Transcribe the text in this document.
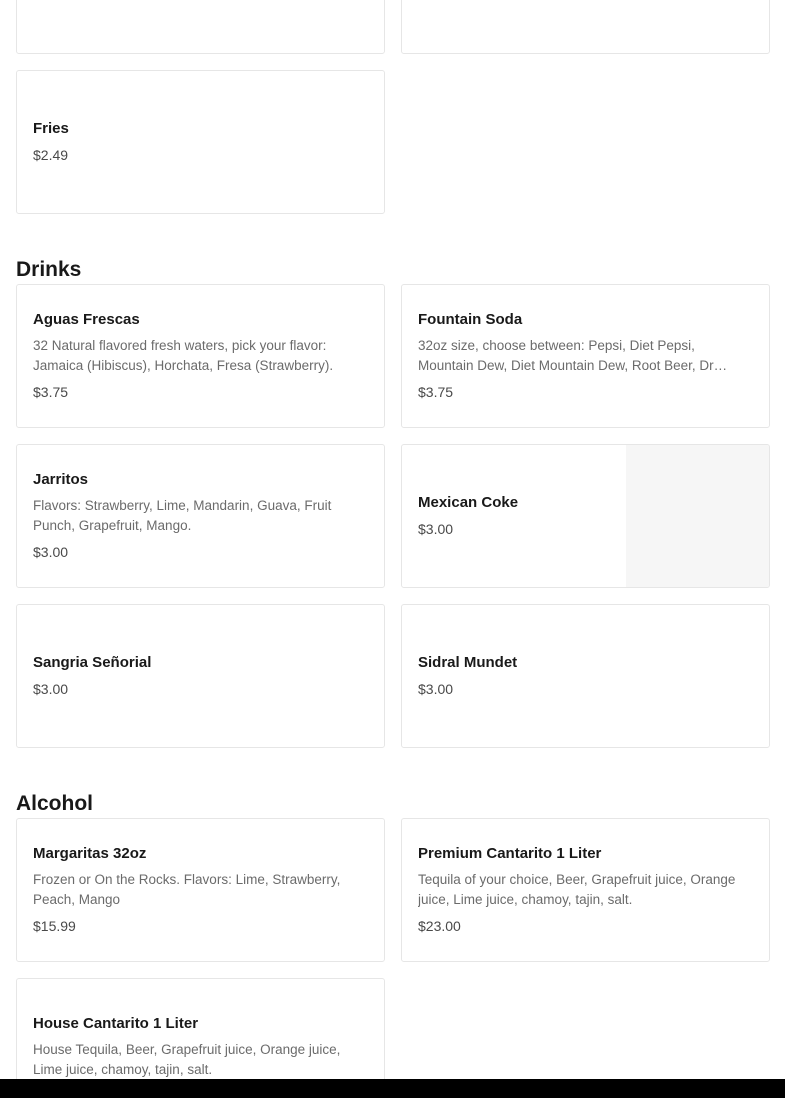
Fries
$2.49
Drinks
Aguas Frescas
32 Natural flavored fresh waters, pick your flavor: Jamaica (Hibiscus), Horchata, Fresa (Strawberry).
$3.75
Fountain Soda
32oz size, choose between: Pepsi, Diet Pepsi, Mountain Dew, Diet Mountain Dew, Root Beer, Dr
$3.75
Jarritos
Flavors: Strawberry, Lime, Mandarin, Guava, Fruit Punch, Grapefruit, Mango.
$3.00
Mexican Coke
$3.00
Sangria Señorial
$3.00
Sidral Mundet
$3.00
Alcohol
Margaritas 32oz
Frozen or On the Rocks. Flavors: Lime, Strawberry, Peach, Mango
$15.99
Premium Cantarito 1 Liter
Tequila of your choice, Beer, Grapefruit juice, Orange juice, Lime juice, chamoy, tajin, salt.
$23.00
House Cantarito 1 Liter
House Tequila, Beer, Grapefruit juice, Orange juice, Lime juice, chamoy, tajin, salt.
